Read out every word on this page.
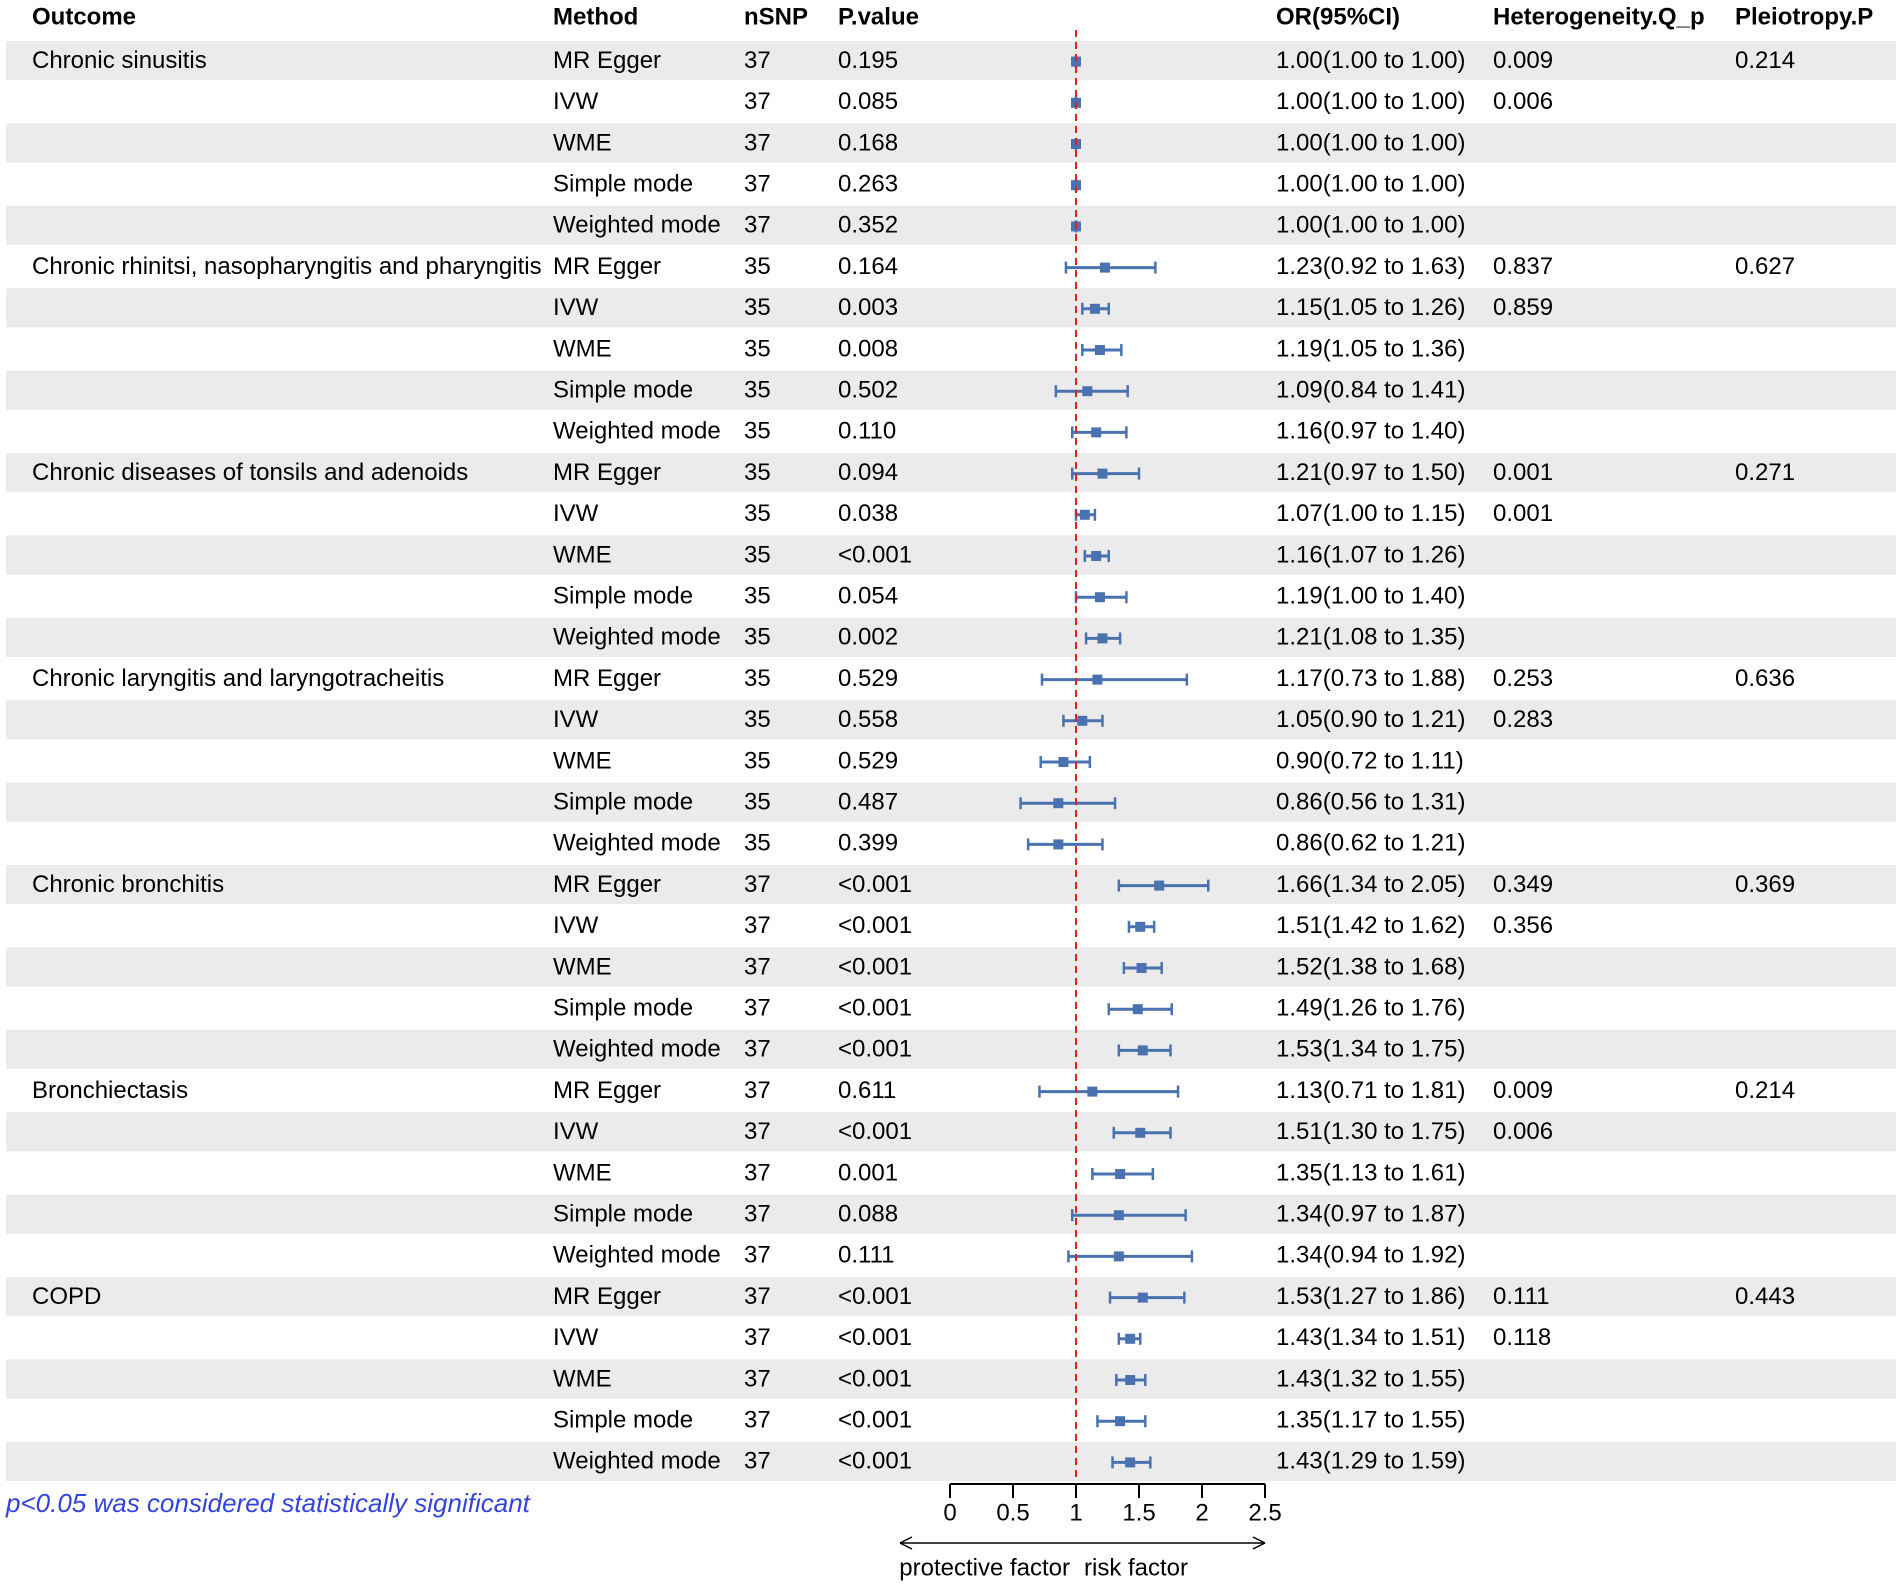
Outcome	Method	nSNP P.value	OR(95%CI)	Heterogeneity.Q_p Pleiotropy.P
Chronic sinusitis	MR Egger	37	0.195	1.00(1.00 to 1.00) 0.009	0.214
IVW	37	0.085	1.00(1.00 to 1.00) 0.006
WME	37	0.168	1.00(1.00 to 1.00)
Simple mode 37	0.263	1.00(1.00 to 1.00)
Weighted mode 37	0.352	1.00(1.00 to 1.00)
Chronic rhinitsi, nasopharyngitis and pharyngitis MR Egger	35	0.164	1.23(0.92 to 1.63) 0.837	0.627
IVW	35	0.003	1.15(1.05 to 1.26) 0.859
WME	35	0.008	1.19(1.05 to 1.36)
Simple mode 35	0.502	1.09(0.84 to 1.41)
Weighted mode 35	0.110	1.16(0.97 to 1.40)
Chronic diseases of tonsils and adenoids	MR Egger	35	0.094	1.21(0.97 to 1.50) 0.001	0.271
IVW	35	0.038	1.07(1.00 to 1.15) 0.001
WME	35	<0.001	1.16(1.07 to 1.26)
Simple mode 35	0.054	1.19(1.00 to 1.40)
Weighted mode 35	0.002	1.21(1.08 to 1.35)
Chronic laryngitis and laryngotracheitis	MR Egger	35	0.529	1.17(0.73 to 1.88) 0.253	0.636
IVW	35	0.558	1.05(0.90 to 1.21) 0.283
WME	35	0.529	0.90(0.72 to 1.11)
Simple mode 35	0.487	0.86(0.56 to 1.31)
Weighted mode 35	0.399	0.86(0.62 to 1.21)
Chronic bronchitis	MR Egger	37	<0.001	1.66(1.34 to 2.05) 0.349	0.369
IVW	37	<0.001	1.51(1.42 to 1.62) 0.356
WME	37	<0.001	1.52(1.38 to 1.68)
Simple mode 37	<0.001	1.49(1.26 to 1.76)
Weighted mode 37	<0.001	1.53(1.34 to 1.75)
Bronchiectasis	MR Egger	37	0.611	1.13(0.71 to 1.81) 0.009	0.214
IVW	37	<0.001	1.51(1.30 to 1.75) 0.006
WME	37	0.001	1.35(1.13 to 1.61)
Simple mode 37	0.088	1.34(0.97 to 1.87)
Weighted mode 37	0.111	1.34(0.94 to 1.92)
COPD	MR Egger	37	<0.001	1.53(1.27 to 1.86) 0.111	0.443
IVW	37	<0.001	1.43(1.34 to 1.51) 0.118
WME	37	<0.001	1.43(1.32 to 1.55)
Simple mode 37	<0.001	1.35(1.17 to 1.55)
Weighted mode 37	<0.001	1.43(1.29 to 1.59)
0 0.5 1 1.5 2 2.5
protective factor risk factor
p<0.05 was considered statistically significant
